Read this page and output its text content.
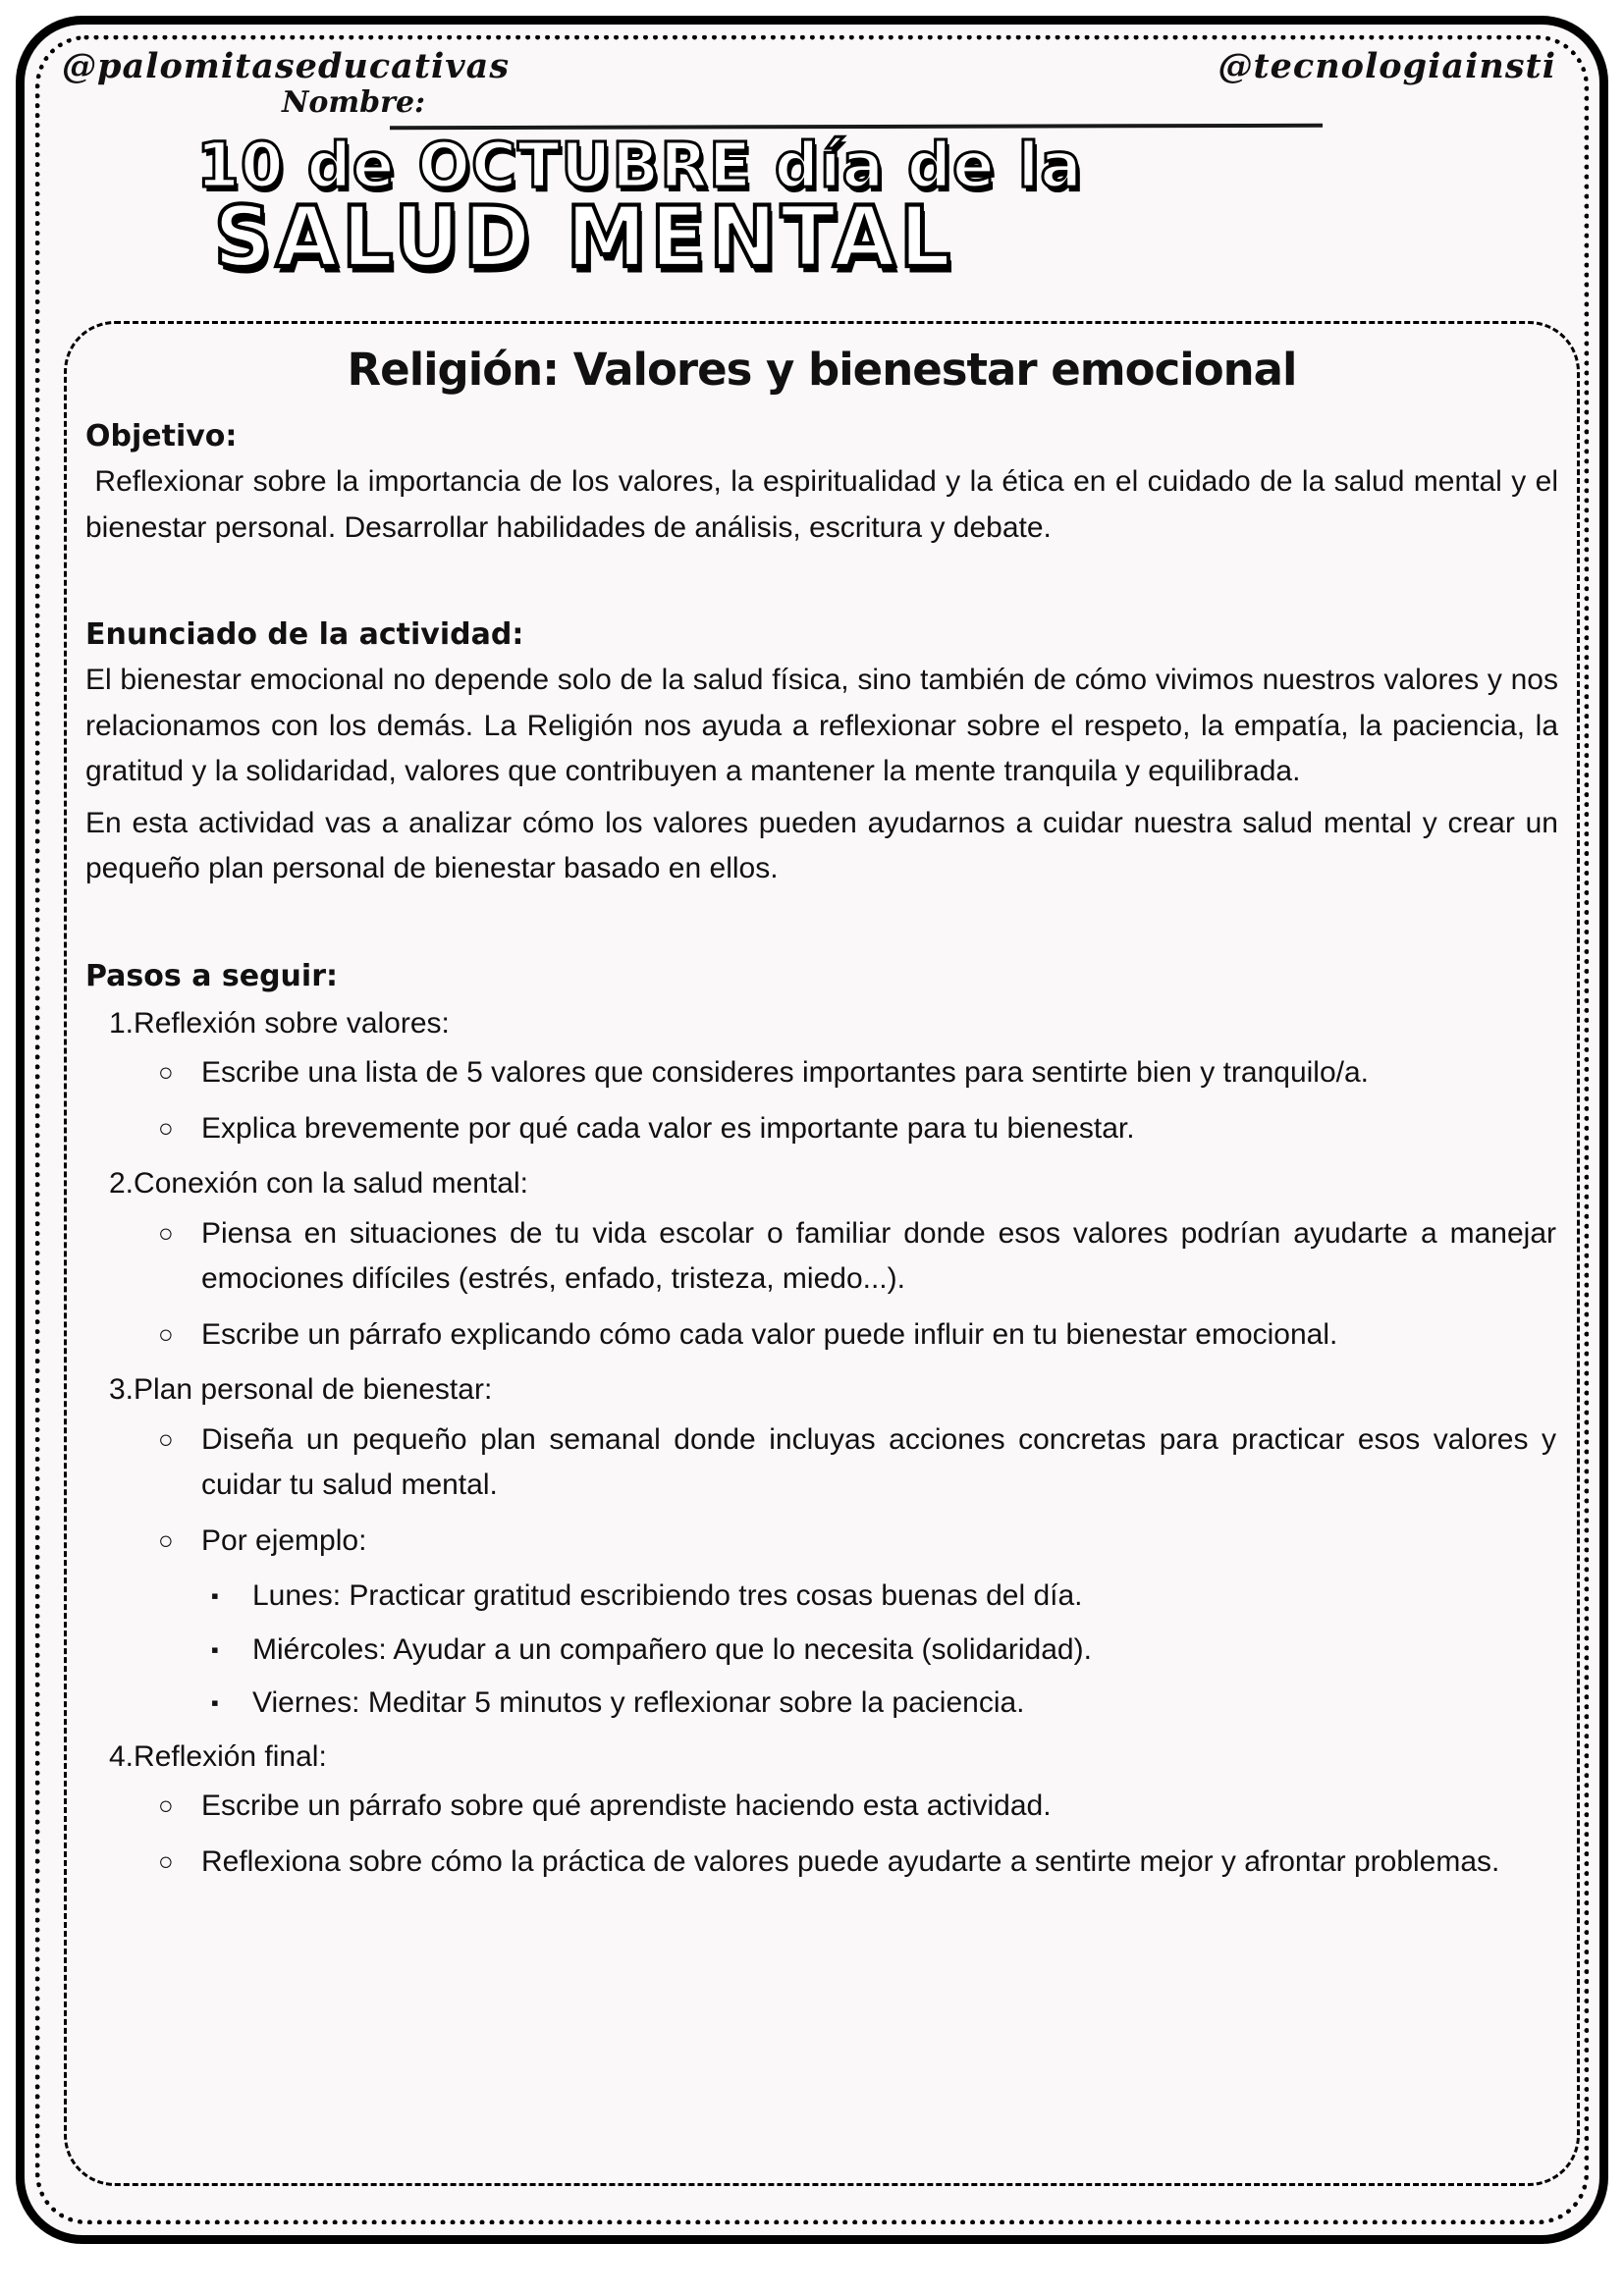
@palomitaseducativas	@tecnologiainsti
Nombre:
10 de OCTUBRE día de la
SALUD MENTAL
Religión: Valores y bienestar emocional

Objetivo:

Reflexionar sobre la importancia de los valores, la espiritualidad y la ética en el cuidado de la salud mental y el bienestar personal. Desarrollar habilidades de análisis, escritura y debate.

Enunciado de la actividad:

El bienestar emocional no depende solo de la salud física, sino también de cómo vivimos nuestros valores y nos relacionamos con los demás. La Religión nos ayuda a reflexionar sobre el respeto, la empatía, la paciencia, la gratitud y la solidaridad, valores que contribuyen a mantener la mente tranquila y equilibrada.

En esta actividad vas a analizar cómo los valores pueden ayudarnos a cuidar nuestra salud mental y crear un pequeño plan personal de bienestar basado en ellos.

Pasos a seguir:

1.Reflexión sobre valores:
○ Escribe una lista de 5 valores que consideres importantes para sentirte bien y tranquilo/a.
○ Explica brevemente por qué cada valor es importante para tu bienestar.
2.Conexión con la salud mental:
○ Piensa en situaciones de tu vida escolar o familiar donde esos valores podrían ayudarte a manejar emociones difíciles (estrés, enfado, tristeza, miedo...).
○ Escribe un párrafo explicando cómo cada valor puede influir en tu bienestar emocional.
3.Plan personal de bienestar:
○ Diseña un pequeño plan semanal donde incluyas acciones concretas para practicar esos valores y cuidar tu salud mental.
○ Por ejemplo:
▪	Lunes: Practicar gratitud escribiendo tres cosas buenas del día.
▪	Miércoles: Ayudar a un compañero que lo necesita (solidaridad).
▪	Viernes: Meditar 5 minutos y reflexionar sobre la paciencia.
4.Reflexión final:
○ Escribe un párrafo sobre qué aprendiste haciendo esta actividad.
○ Reflexiona sobre cómo la práctica de valores puede ayudarte a sentirte mejor y afrontar problemas.
